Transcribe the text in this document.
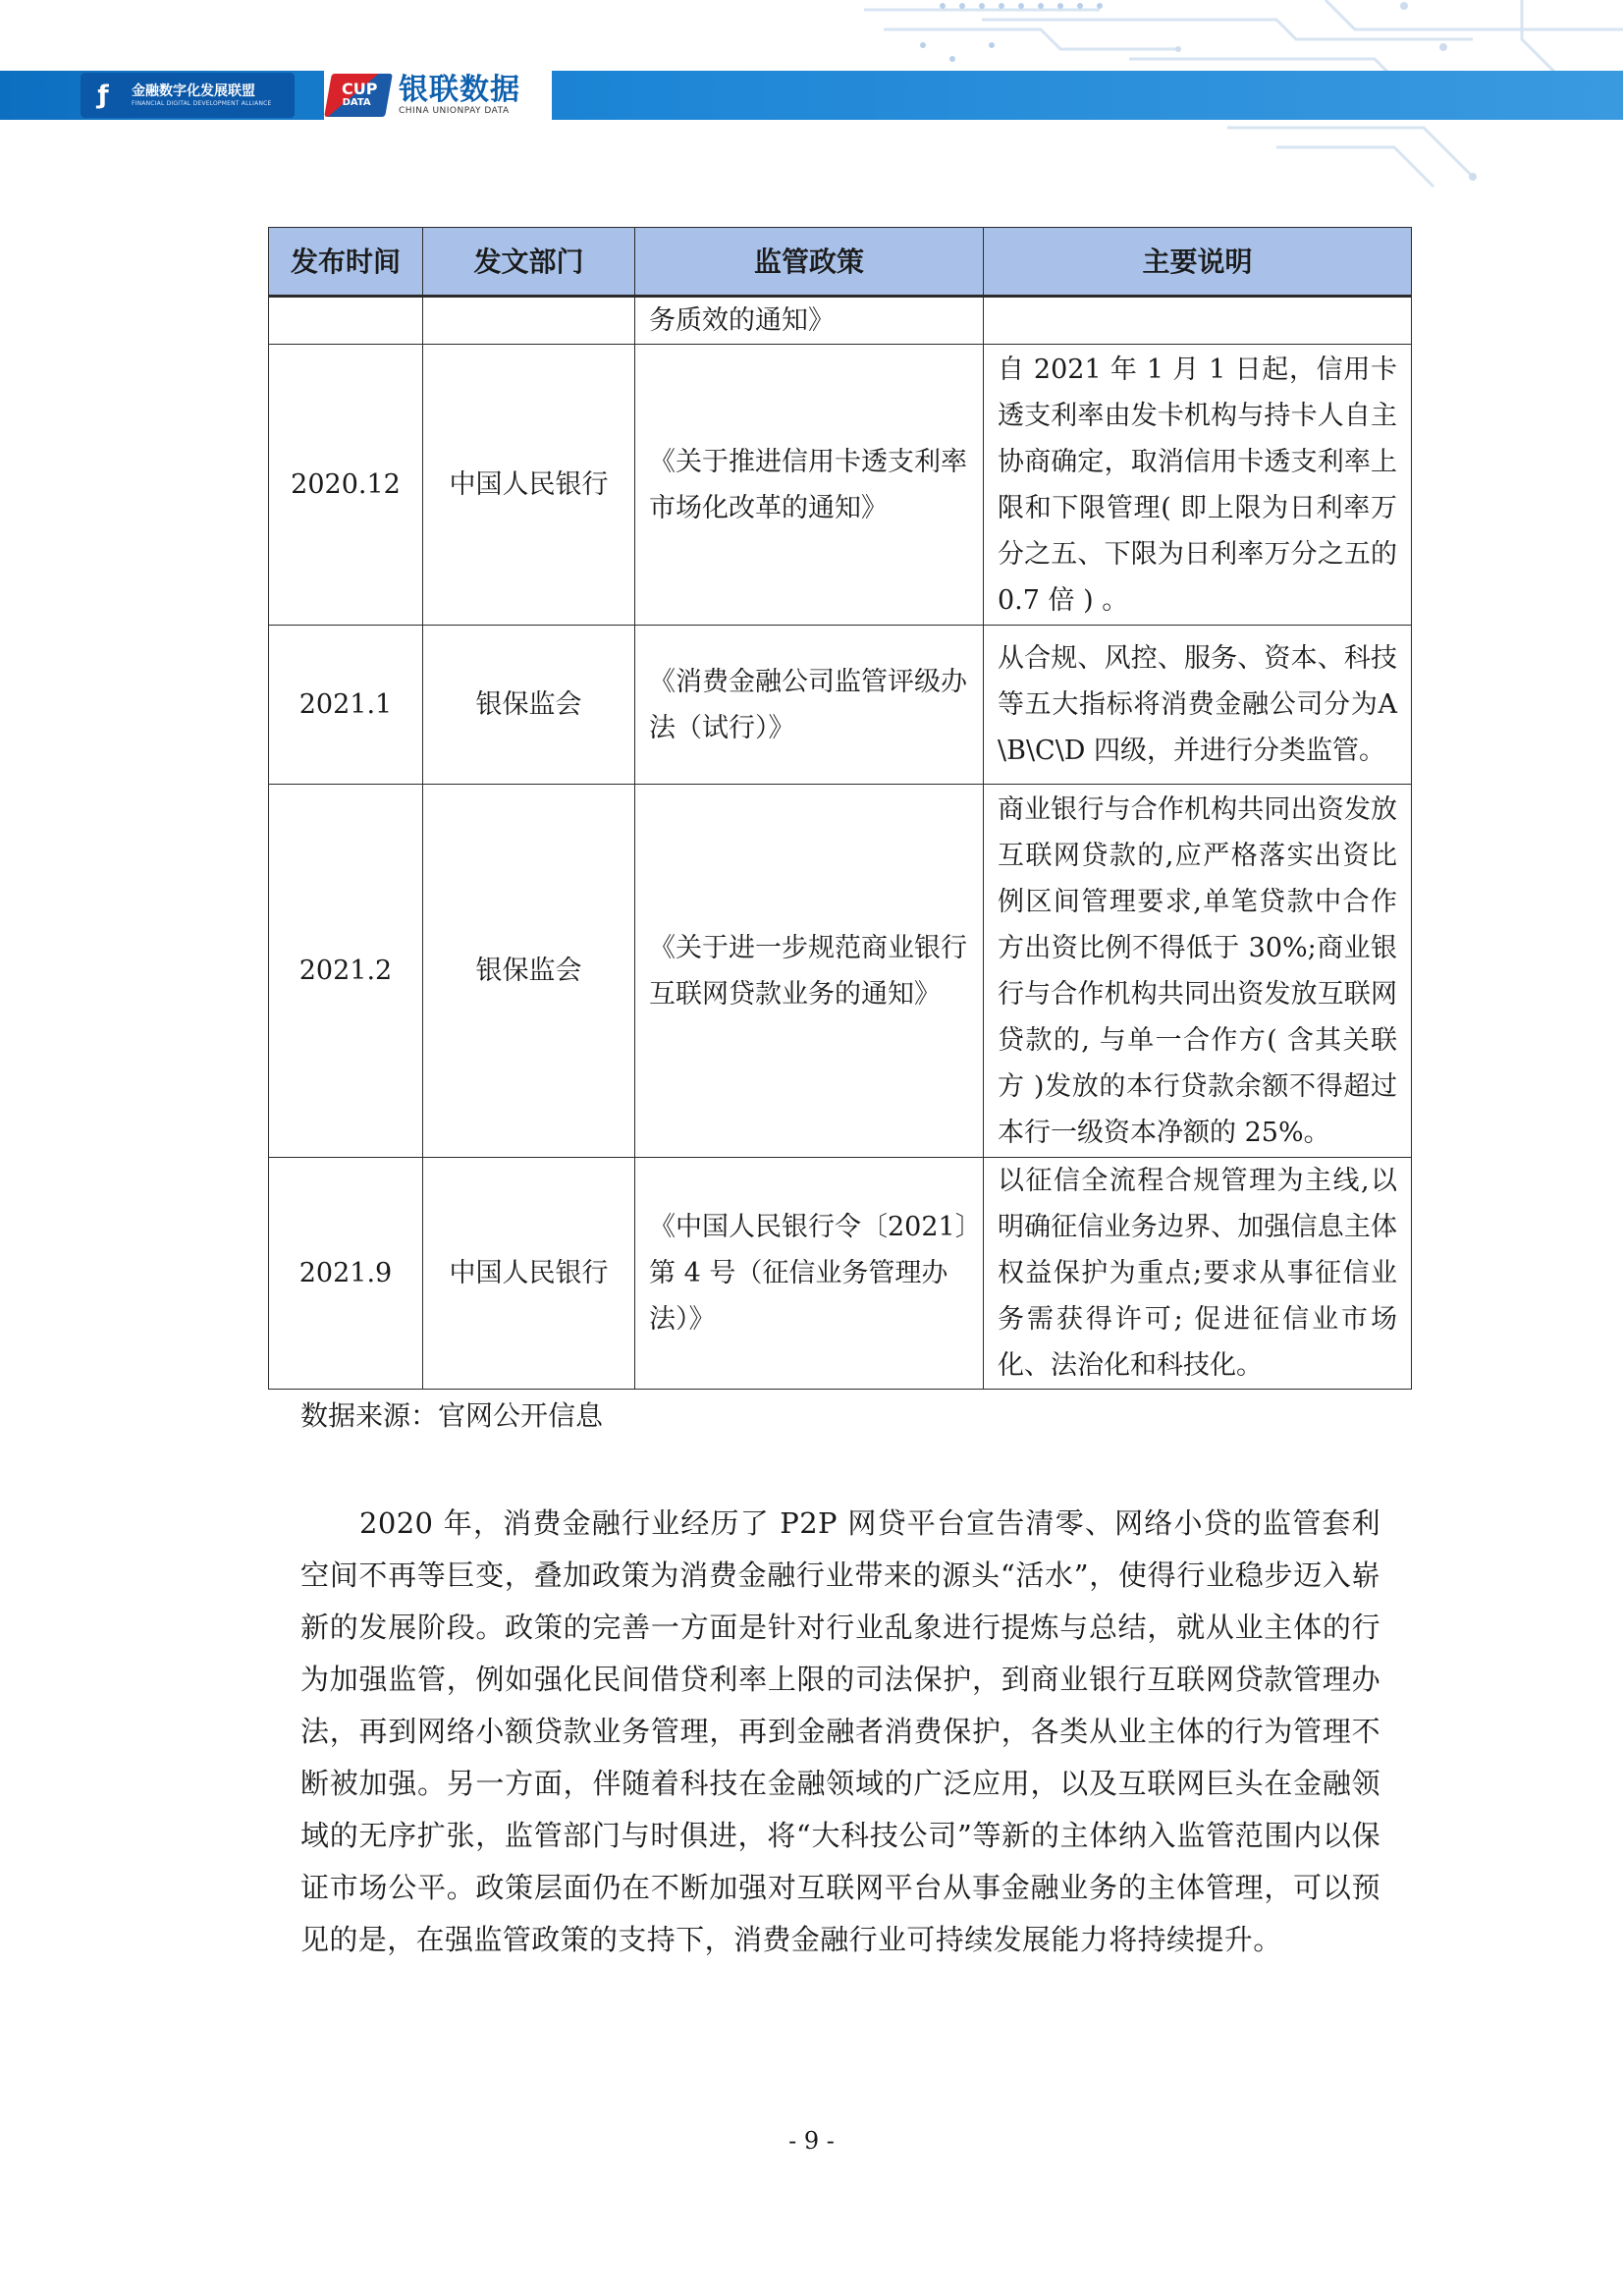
ƒ	金融数字化发展联盟
FINANCIAL DIGITAL DEVELOPMENT ALLIANCE
CUP
DATA 银联数据
CHINA UNIONPAY DATA
发布时间	发文部门	监管政策	主要说明
		务质效的通知》	
2020.12	中国人民银行	《关于推进信用卡透支利率市场化改革的通知》	自 2021 年 1 月 1 日起，信用卡透支利率由发卡机构与持卡人自主协商确定，取消信用卡透支利率上限和下限管理( 即上限为日利率万分之五、下限为日利率万分之五的 0.7 倍 ) 。
2021.1	银保监会	《消费金融公司监管评级办法（试行）》	从合规、风控、服务、资本、科技等五大指标将消费金融公司分为A\B\C\D 四级，并进行分类监管。
2021.2	银保监会	《关于进一步规范商业银行互联网贷款业务的通知》	商业银行与合作机构共同出资发放互联网贷款的,应严格落实出资比例区间管理要求,单笔贷款中合作方出资比例不得低于 30%;商业银行与合作机构共同出资发放互联网贷款的, 与单一合作方( 含其关联方 )发放的本行贷款余额不得超过本行一级资本净额的 25%。
2021.9	中国人民银行	《中国人民银行令〔2021〕第 4 号（征信业务管理办法）》	以征信全流程合规管理为主线,以明确征信业务边界、加强信息主体权益保护为重点;要求从事征信业务需获得许可; 促进征信业市场化、法治化和科技化。
数据来源：官网公开信息

2020 年，消费金融行业经历了 P2P 网贷平台宣告清零、网络小贷的监管套利空间不再等巨变，叠加政策为消费金融行业带来的源头“活水”，使得行业稳步迈入崭新的发展阶段。政策的完善一方面是针对行业乱象进行提炼与总结，就从业主体的行为加强监管，例如强化民间借贷利率上限的司法保护，到商业银行互联网贷款管理办法，再到网络小额贷款业务管理，再到金融者消费保护，各类从业主体的行为管理不断被加强。另一方面，伴随着科技在金融领域的广泛应用，以及互联网巨头在金融领域的无序扩张，监管部门与时俱进，将“大科技公司”等新的主体纳入监管范围内以保证市场公平。政策层面仍在不断加强对互联网平台从事金融业务的主体管理，可以预见的是，在强监管政策的支持下，消费金融行业可持续发展能力将持续提升。

- 9 -
